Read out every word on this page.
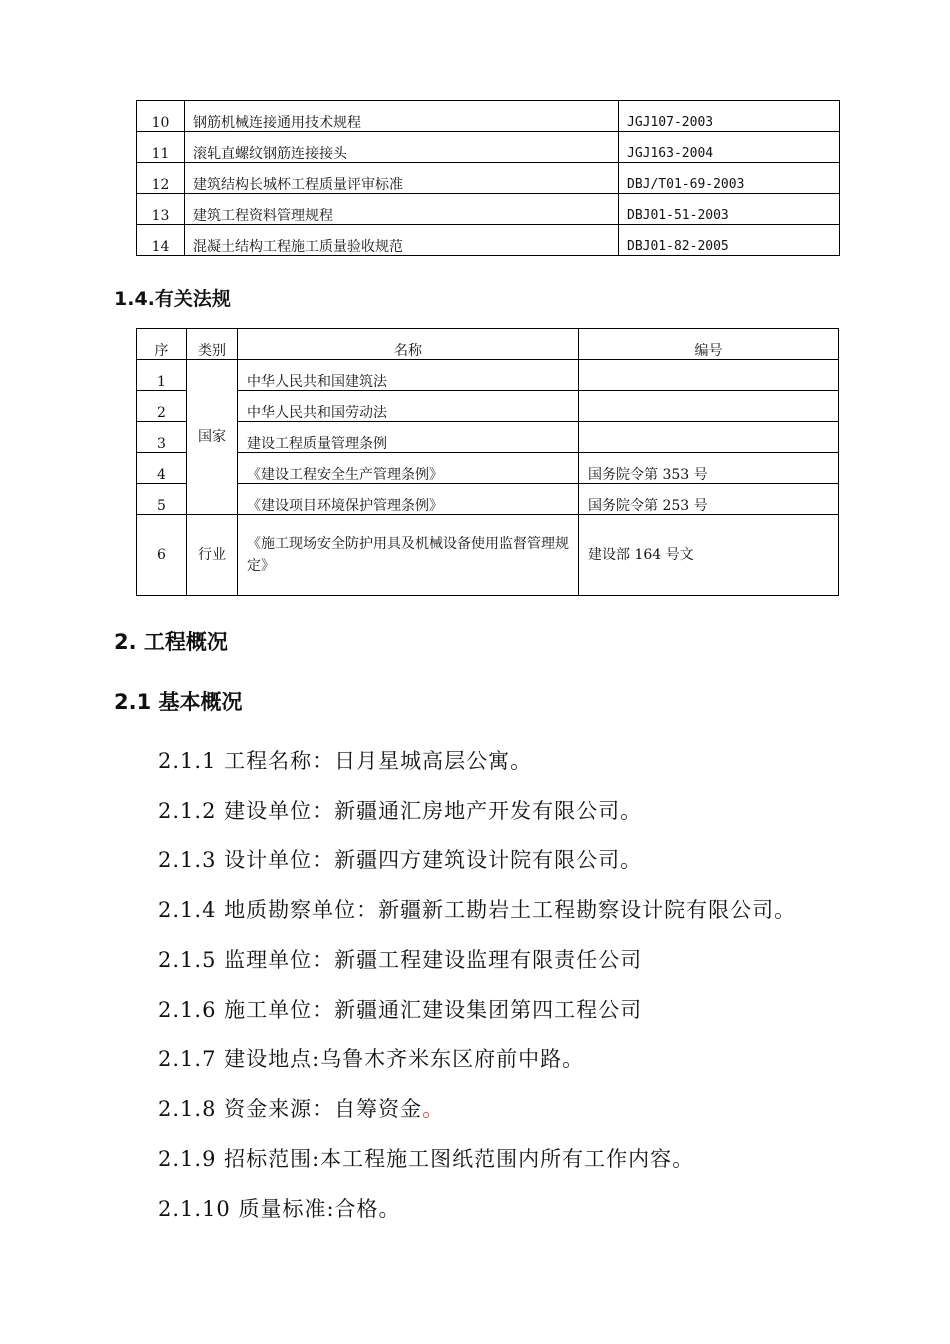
10	钢筋机械连接通用技术规程	JGJ107-2003
11	滚轧直螺纹钢筋连接接头	JGJ163-2004
12	建筑结构长城杯工程质量评审标准	DBJ/T01-69-2003
13	建筑工程资料管理规程	DBJ01-51-2003
14	混凝土结构工程施工质量验收规范	DBJ01-82-2005
1.4.有关法规
序	类别	名称	编号
1	国家	中华人民共和国建筑法	
2		中华人民共和国劳动法	
3		建设工程质量管理条例	
4		《建设工程安全生产管理条例》	国务院令第 353 号
5		《建设项目环境保护管理条例》	国务院令第 253 号
6	行业	《施工现场安全防护用具及机械设备使用监督管理规定》	建设部 164 号文
2. 工程概况
2.1 基本概况

2.1.1 工程名称：日月星城高层公寓。

2.1.2 建设单位：新疆通汇房地产开发有限公司。

2.1.3 设计单位：新疆四方建筑设计院有限公司。

2.1.4 地质勘察单位：新疆新工勘岩土工程勘察设计院有限公司。

2.1.5 监理单位：新疆工程建设监理有限责任公司

2.1.6 施工单位：新疆通汇建设集团第四工程公司

2.1.7 建设地点:乌鲁木齐米东区府前中路。

2.1.8 资金来源：自筹资金。

2.1.9 招标范围:本工程施工图纸范围内所有工作内容。

2.1.10 质量标准:合格。
